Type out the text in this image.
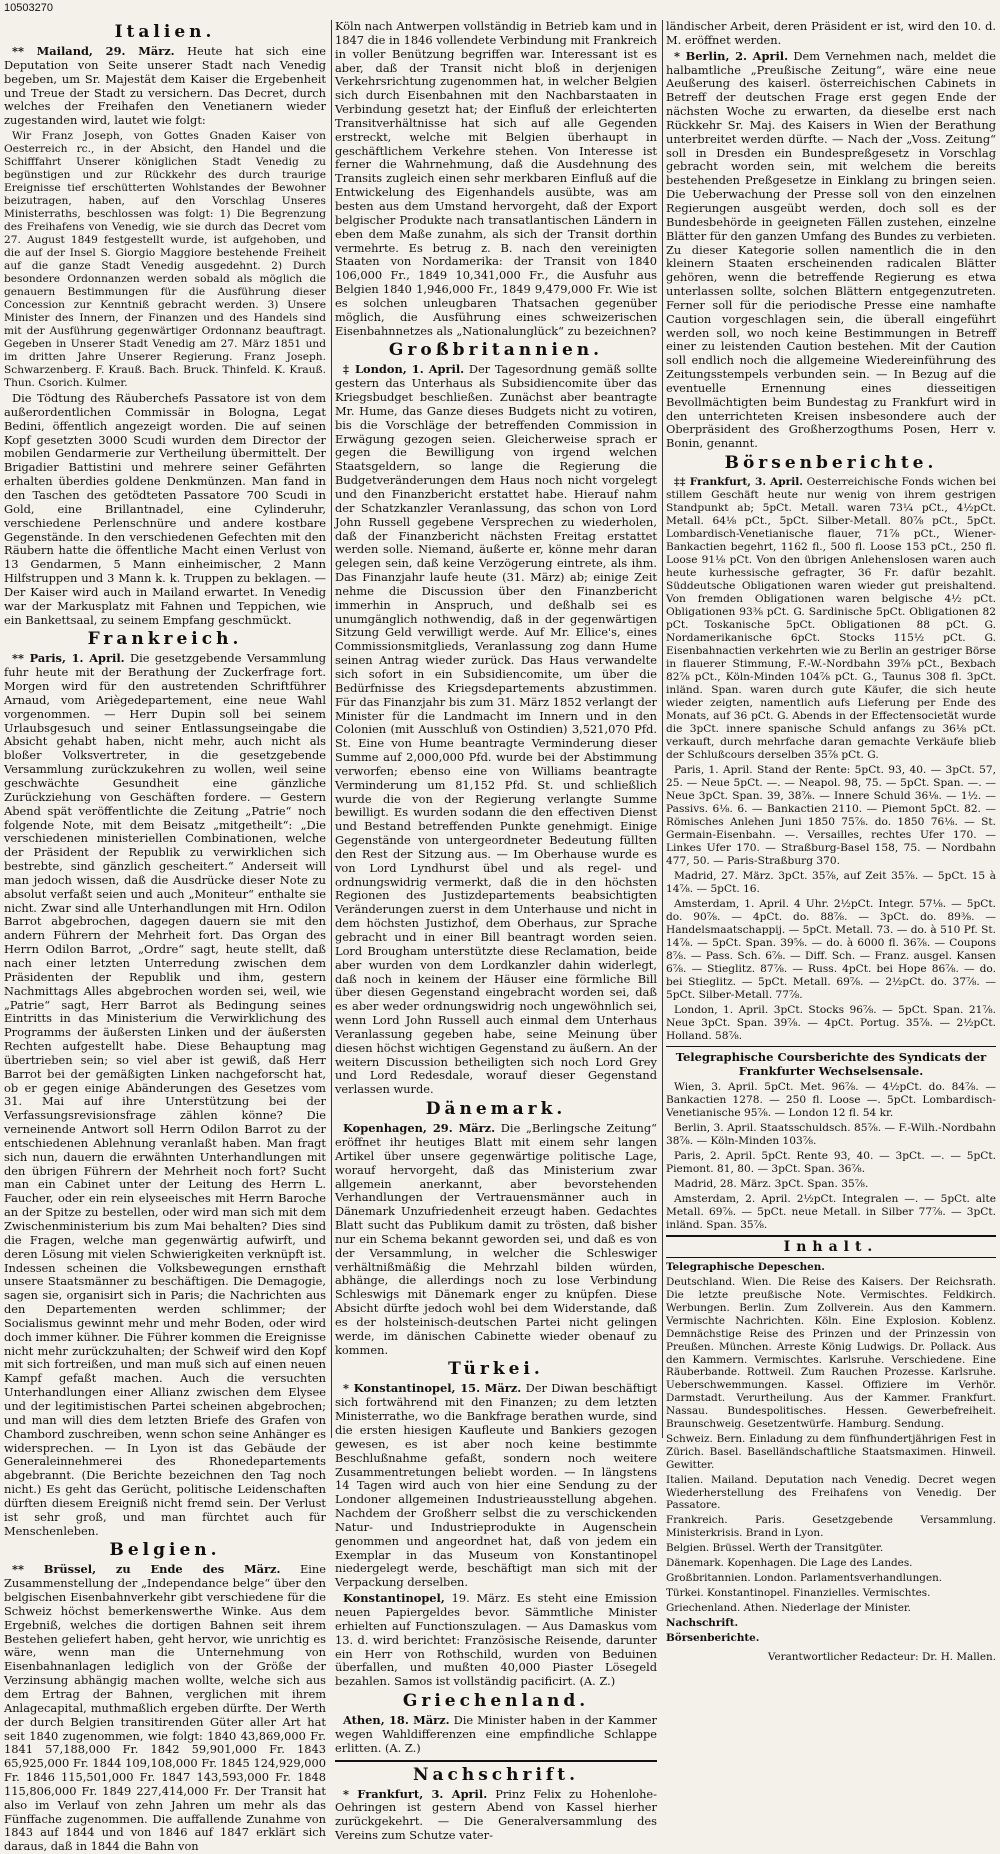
10503270
Italien.

** Mailand, 29. März. Heute hat sich eine Deputation von Seite unserer Stadt nach Venedig begeben, um Sr. Majestät dem Kaiser die Ergebenheit und Treue der Stadt zu versichern. Das Decret, durch welches der Freihafen den Venetianern wieder zugestanden wird, lautet wie folgt:

Wir Franz Joseph, von Gottes Gnaden Kaiser von Oesterreich rc., in der Absicht, den Handel und die Schifffahrt Unserer königlichen Stadt Venedig zu begünstigen und zur Rückkehr des durch traurige Ereignisse tief erschütterten Wohlstandes der Bewohner beizutragen, haben, auf den Vorschlag Unseres Ministerraths, beschlossen was folgt: 1) Die Begrenzung des Freihafens von Venedig, wie sie durch das Decret vom 27. August 1849 festgestellt wurde, ist aufgehoben, und die auf der Insel S. Giorgio Maggiore bestehende Freiheit auf die ganze Stadt Venedig ausgedehnt. 2) Durch besondere Ordonnanzen werden sobald als möglich die genauern Bestimmungen für die Ausführung dieser Concession zur Kenntniß gebracht werden. 3) Unsere Minister des Innern, der Finanzen und des Handels sind mit der Ausführung gegenwärtiger Ordonnanz beauftragt. Gegeben in Unserer Stadt Venedig am 27. März 1851 und im dritten Jahre Unserer Regierung. Franz Joseph. Schwarzenberg. F. Krauß. Bach. Bruck. Thinfeld. K. Krauß. Thun. Csorich. Kulmer.

Die Tödtung des Räuberchefs Passatore ist von dem außerordentlichen Commissär in Bologna, Legat Bedini, öffentlich angezeigt worden. Die auf seinen Kopf gesetzten 3000 Scudi wurden dem Director der mobilen Gendarmerie zur Vertheilung übermittelt. Der Brigadier Battistini und mehrere seiner Gefährten erhalten überdies goldene Denkmünzen. Man fand in den Taschen des getödteten Passatore 700 Scudi in Gold, eine Brillantnadel, eine Cylinderuhr, verschiedene Perlenschnüre und andere kostbare Gegenstände. In den verschiedenen Gefechten mit den Räubern hatte die öffentliche Macht einen Verlust von 13 Gendarmen, 5 Mann einheimischer, 2 Mann Hilfstruppen und 3 Mann k. k. Truppen zu beklagen. — Der Kaiser wird auch in Mailand erwartet. In Venedig war der Markusplatz mit Fahnen und Teppichen, wie ein Bankettsaal, zu seinem Empfang geschmückt.

Frankreich.

** Paris, 1. April. Die gesetzgebende Versammlung fuhr heute mit der Berathung der Zuckerfrage fort. Morgen wird für den austretenden Schriftführer Arnaud, vom Ariègedepartement, eine neue Wahl vorgenommen. — Herr Dupin soll bei seinem Urlaubsgesuch und seiner Entlassungseingabe die Absicht gehabt haben, nicht mehr, auch nicht als bloßer Volksvertreter, in die gesetzgebende Versammlung zurückzukehren zu wollen, weil seine geschwächte Gesundheit eine gänzliche Zurückziehung von Geschäften fordere. — Gestern Abend spät veröffentlichte die Zeitung „Patrie“ noch folgende Note, mit dem Beisatz „mitgetheilt“: „Die verschiedenen ministeriellen Combinationen, welche der Präsident der Republik zu verwirklichen sich bestrebte, sind gänzlich gescheitert.“ Anderseit will man jedoch wissen, daß die Ausdrücke dieser Note zu absolut verfaßt seien und auch „Moniteur“ enthalte sie nicht. Zwar sind alle Unterhandlungen mit Hrn. Odilon Barrot abgebrochen, dagegen dauern sie mit den andern Führern der Mehrheit fort. Das Organ des Herrn Odilon Barrot, „Ordre“ sagt, heute stellt, daß nach einer letzten Unterredung zwischen dem Präsidenten der Republik und ihm, gestern Nachmittags Alles abgebrochen worden sei, weil, wie „Patrie“ sagt, Herr Barrot als Bedingung seines Eintritts in das Ministerium die Verwirklichung des Programms der äußersten Linken und der äußersten Rechten aufgestellt habe. Diese Behauptung mag übertrieben sein; so viel aber ist gewiß, daß Herr Barrot bei der gemäßigten Linken nachgeforscht hat, ob er gegen einige Abänderungen des Gesetzes vom 31. Mai auf ihre Unterstützung bei der Verfassungsrevisionsfrage zählen könne? Die verneinende Antwort soll Herrn Odilon Barrot zu der entschiedenen Ablehnung veranlaßt haben. Man fragt sich nun, dauern die erwähnten Unterhandlungen mit den übrigen Führern der Mehrheit noch fort? Sucht man ein Cabinet unter der Leitung des Herrn L. Faucher, oder ein rein elyseeisches mit Herrn Baroche an der Spitze zu bestellen, oder wird man sich mit dem Zwischenministerium bis zum Mai behalten? Dies sind die Fragen, welche man gegenwärtig aufwirft, und deren Lösung mit vielen Schwierigkeiten verknüpft ist. Indessen scheinen die Volksbewegungen ernsthaft unsere Staatsmänner zu beschäftigen. Die Demagogie, sagen sie, organisirt sich in Paris; die Nachrichten aus den Departementen werden schlimmer; der Socialismus gewinnt mehr und mehr Boden, oder wird doch immer kühner. Die Führer kommen die Ereignisse nicht mehr zurückzuhalten; der Schweif wird den Kopf mit sich fortreißen, und man muß sich auf einen neuen Kampf gefaßt machen. Auch die versuchten Unterhandlungen einer Allianz zwischen dem Elysee und der legitimistischen Partei scheinen abgebrochen; und man will dies dem letzten Briefe des Grafen von Chambord zuschreiben, wenn schon seine Anhänger es widersprechen. — In Lyon ist das Gebäude der Generaleinnehmerei des Rhonedepartements abgebrannt. (Die Berichte bezeichnen den Tag noch nicht.) Es geht das Gerücht, politische Leidenschaften dürften diesem Ereigniß nicht fremd sein. Der Verlust ist sehr groß, und man fürchtet auch für Menschenleben.

Belgien.

** Brüssel, zu Ende des März. Eine Zusammenstellung der „Independance belge“ über den belgischen Eisenbahnverkehr gibt verschiedene für die Schweiz höchst bemerkenswerthe Winke. Aus dem Ergebniß, welches die dortigen Bahnen seit ihrem Bestehen geliefert haben, geht hervor, wie unrichtig es wäre, wenn man die Unternehmung von Eisenbahnanlagen lediglich von der Größe der Verzinsung abhängig machen wollte, welche sich aus dem Ertrag der Bahnen, verglichen mit ihrem Anlagecapital, muthmaßlich ergeben dürfte. Der Werth der durch Belgien transitirenden Güter aller Art hat seit 1840 zugenommen, wie folgt: 1840 43,869,000 Fr. 1841 57,188,000 Fr. 1842 59,901,000 Fr. 1843 65,925,000 Fr. 1844 109,108,000 Fr. 1845 124,929,000 Fr. 1846 115,501,000 Fr. 1847 143,593,000 Fr. 1848 115,806,000 Fr. 1849 227,414,000 Fr. Der Transit hat also im Verlauf von zehn Jahren um mehr als das Fünffache zugenommen. Die auffallende Zunahme von 1843 auf 1844 und von 1846 auf 1847 erklärt sich daraus, daß in 1844 die Bahn von

Köln nach Antwerpen vollständig in Betrieb kam und in 1847 die in 1846 vollendete Verbindung mit Frankreich in voller Benützung begriffen war. Interessant ist es aber, daß der Transit nicht bloß in derjenigen Verkehrsrichtung zugenommen hat, in welcher Belgien sich durch Eisenbahnen mit den Nachbarstaaten in Verbindung gesetzt hat; der Einfluß der erleichterten Transitverhältnisse hat sich auf alle Gegenden erstreckt, welche mit Belgien überhaupt in geschäftlichem Verkehre stehen. Von Interesse ist ferner die Wahrnehmung, daß die Ausdehnung des Transits zugleich einen sehr merkbaren Einfluß auf die Entwickelung des Eigenhandels ausübte, was am besten aus dem Umstand hervorgeht, daß der Export belgischer Produkte nach transatlantischen Ländern in eben dem Maße zunahm, als sich der Transit dorthin vermehrte. Es betrug z. B. nach den vereinigten Staaten von Nordamerika: der Transit von 1840 106,000 Fr., 1849 10,341,000 Fr., die Ausfuhr aus Belgien 1840 1,946,000 Fr., 1849 9,479,000 Fr. Wie ist es solchen unleugbaren Thatsachen gegenüber möglich, die Ausführung eines schweizerischen Eisenbahnnetzes als „Nationalunglück“ zu bezeichnen?

Großbritannien.

‡ London, 1. April. Der Tagesordnung gemäß sollte gestern das Unterhaus als Subsidiencomite über das Kriegsbudget beschließen. Zunächst aber beantragte Mr. Hume, das Ganze dieses Budgets nicht zu votiren, bis die Vorschläge der betreffenden Commission in Erwägung gezogen seien. Gleicherweise sprach er gegen die Bewilligung von irgend welchen Staatsgeldern, so lange die Regierung die Budgetveränderungen dem Haus noch nicht vorgelegt und den Finanzbericht erstattet habe. Hierauf nahm der Schatzkanzler Veranlassung, das schon von Lord John Russell gegebene Versprechen zu wiederholen, daß der Finanzbericht nächsten Freitag erstattet werden solle. Niemand, äußerte er, könne mehr daran gelegen sein, daß keine Verzögerung eintrete, als ihm. Das Finanzjahr laufe heute (31. März) ab; einige Zeit nehme die Discussion über den Finanzbericht immerhin in Anspruch, und deßhalb sei es unumgänglich nothwendig, daß in der gegenwärtigen Sitzung Geld verwilligt werde. Auf Mr. Ellice's, eines Commissionsmitglieds, Veranlassung zog dann Hume seinen Antrag wieder zurück. Das Haus verwandelte sich sofort in ein Subsidiencomite, um über die Bedürfnisse des Kriegsdepartements abzustimmen. Für das Finanzjahr bis zum 31. März 1852 verlangt der Minister für die Landmacht im Innern und in den Colonien (mit Ausschluß von Ostindien) 3,521,070 Pfd. St. Eine von Hume beantragte Verminderung dieser Summe auf 2,000,000 Pfd. wurde bei der Abstimmung verworfen; ebenso eine von Williams beantragte Verminderung um 81,152 Pfd. St. und schließlich wurde die von der Regierung verlangte Summe bewilligt. Es wurden sodann die den effectiven Dienst und Bestand betreffenden Punkte genehmigt. Einige Gegenstände von untergeordneter Bedeutung füllten den Rest der Sitzung aus. — Im Oberhause wurde es von Lord Lyndhurst übel und als regel- und ordnungswidrig vermerkt, daß die in den höchsten Regionen des Justizdepartements beabsichtigten Veränderungen zuerst in dem Unterhause und nicht in dem höchsten Justizhof, dem Oberhaus, zur Sprache gebracht und in einer Bill beantragt worden seien. Lord Brougham unterstützte diese Reclamation, beide aber wurden von dem Lordkanzler dahin widerlegt, daß noch in keinem der Häuser eine förmliche Bill über diesen Gegenstand eingebracht worden sei, daß es aber weder ordnungswidrig noch ungewöhnlich sei, wenn Lord John Russell auch einmal dem Unterhaus Veranlassung gegeben habe, seine Meinung über diesen höchst wichtigen Gegenstand zu äußern. An der weitern Discussion betheiligten sich noch Lord Grey und Lord Redesdale, worauf dieser Gegenstand verlassen wurde.

Dänemark.

Kopenhagen, 29. März. Die „Berlingsche Zeitung“ eröffnet ihr heutiges Blatt mit einem sehr langen Artikel über unsere gegenwärtige politische Lage, worauf hervorgeht, daß das Ministerium zwar allgemein anerkannt, aber bevorstehenden Verhandlungen der Vertrauensmänner auch in Dänemark Unzufriedenheit erzeugt haben. Gedachtes Blatt sucht das Publikum damit zu trösten, daß bisher nur ein Schema bekannt geworden sei, und daß es von der Versammlung, in welcher die Schleswiger verhältnißmäßig die Mehrzahl bilden würden, abhänge, die allerdings noch zu lose Verbindung Schleswigs mit Dänemark enger zu knüpfen. Diese Absicht dürfte jedoch wohl bei dem Widerstande, daß es der holsteinisch-deutschen Partei nicht gelingen werde, im dänischen Cabinette wieder obenauf zu kommen.

Türkei.

* Konstantinopel, 15. März. Der Diwan beschäftigt sich fortwährend mit den Finanzen; zu dem letzten Ministerrathe, wo die Bankfrage berathen wurde, sind die ersten hiesigen Kaufleute und Bankiers gezogen gewesen, es ist aber noch keine bestimmte Beschlußnahme gefaßt, sondern noch weitere Zusammentretungen beliebt worden. — In längstens 14 Tagen wird auch von hier eine Sendung zu der Londoner allgemeinen Industrieausstellung abgehen. Nachdem der Großherr selbst die zu verschickenden Natur- und Industrieprodukte in Augenschein genommen und angeordnet hat, daß von jedem ein Exemplar in das Museum von Konstantinopel niedergelegt werde, beschäftigt man sich mit der Verpackung derselben.

Konstantinopel, 19. März. Es steht eine Emission neuen Papiergeldes bevor. Sämmtliche Minister erhielten auf Functionszulagen. — Aus Damaskus vom 13. d. wird berichtet: Französische Reisende, darunter ein Herr von Rothschild, wurden von Beduinen überfallen, und mußten 40,000 Piaster Lösegeld bezahlen. Samos ist vollständig pacificirt. (A. Z.)

Griechenland.

Athen, 18. März. Die Minister haben in der Kammer wegen Wahldifferenzen eine empfindliche Schlappe erlitten. (A. Z.)

Nachschrift.

* Frankfurt, 3. April. Prinz Felix zu Hohenlohe-Oehringen ist gestern Abend von Kassel hierher zurückgekehrt. — Die Generalversammlung des Vereins zum Schutze vater-

ländischer Arbeit, deren Präsident er ist, wird den 10. d. M. eröffnet werden.

* Berlin, 2. April. Dem Vernehmen nach, meldet die halbamtliche „Preußische Zeitung“, wäre eine neue Aeußerung des kaiserl. österreichischen Cabinets in Betreff der deutschen Frage erst gegen Ende der nächsten Woche zu erwarten, da dieselbe erst nach Rückkehr Sr. Maj. des Kaisers in Wien der Berathung unterbreitet werden dürfte. — Nach der „Voss. Zeitung“ soll in Dresden ein Bundespreßgesetz in Vorschlag gebracht worden sein, mit welchem die bereits bestehenden Preßgesetze in Einklang zu bringen seien. Die Ueberwachung der Presse soll von den einzelnen Regierungen ausgeübt werden, doch soll es der Bundesbehörde in geeigneten Fällen zustehen, einzelne Blätter für den ganzen Umfang des Bundes zu verbieten. Zu dieser Kategorie sollen namentlich die in den kleinern Staaten erscheinenden radicalen Blätter gehören, wenn die betreffende Regierung es etwa unterlassen sollte, solchen Blättern entgegenzutreten. Ferner soll für die periodische Presse eine namhafte Caution vorgeschlagen sein, die überall eingeführt werden soll, wo noch keine Bestimmungen in Betreff einer zu leistenden Caution bestehen. Mit der Caution soll endlich noch die allgemeine Wiedereinführung des Zeitungsstempels verbunden sein. — In Bezug auf die eventuelle Ernennung eines diesseitigen Bevollmächtigten beim Bundestag zu Frankfurt wird in den unterrichteten Kreisen insbesondere auch der Oberpräsident des Großherzogthums Posen, Herr v. Bonin, genannt.

Börsenberichte.

‡‡ Frankfurt, 3. April. Oesterreichische Fonds wichen bei stillem Geschäft heute nur wenig von ihrem gestrigen Standpunkt ab; 5pCt. Metall. waren 73¼ pCt., 4½pCt. Metall. 64⅛ pCt., 5pCt. Silber-Metall. 80⅞ pCt., 5pCt. Lombardisch-Venetianische flauer, 71⅞ pCt., Wiener-Bankactien begehrt, 1162 fl., 500 fl. Loose 153 pCt., 250 fl. Loose 91⅛ pCt. Von den übrigen Anlehenslosen waren auch heute kurhessische gefragter, 36 Fr. dafür bezahlt. Süddeutsche Obligationen waren wieder gut preishaltend. Von fremden Obligationen waren belgische 4½ pCt. Obligationen 93⅜ pCt. G. Sardinische 5pCt. Obligationen 82 pCt. Toskanische 5pCt. Obligationen 88 pCt. G. Nordamerikanische 6pCt. Stocks 115½ pCt. G. Eisenbahnactien verkehrten wie zu Berlin an gestriger Börse in flauerer Stimmung, F.-W.-Nordbahn 39⅞ pCt., Bexbach 82⅞ pCt., Köln-Minden 104⅞ pCt. G., Taunus 308 fl. 3pCt. inländ. Span. waren durch gute Käufer, die sich heute wieder zeigten, namentlich aufs Lieferung per Ende des Monats, auf 36 pCt. G. Abends in der Effectensocietät wurde die 3pCt. innere spanische Schuld anfangs zu 36⅛ pCt. verkauft, durch mehrfache daran gemachte Verkäufe blieb der Schlußcours derselben 35⅞ pCt. G.

Paris, 1. April. Stand der Rente: 5pCt. 93, 40. — 3pCt. 57, 25. — Neue 5pCt. —. — Neapol. 98, 75. — 5pCt. Span. —. — Neue 3pCt. Span. 39, 38⅞. — Innere Schuld 36⅛. — 1½. — Passivs. 6⅛. 6. — Bankactien 2110. — Piemont 5pCt. 82. — Römisches Anlehen Juni 1850 75⅞. do. 1850 76⅛. — St. Germain-Eisenbahn. —. Versailles, rechtes Ufer 170. — Linkes Ufer 170. — Straßburg-Basel 158, 75. — Nordbahn 477, 50. — Paris-Straßburg 370.

Madrid, 27. März. 3pCt. 35⅞, auf Zeit 35⅞. — 5pCt. 15 à 14⅞. — 5pCt. 16.

Amsterdam, 1. April. 4 Uhr. 2½pCt. Integr. 57⅛. — 5pCt. do. 90⅞. — 4pCt. do. 88⅞. — 3pCt. do. 89⅜. — Handelsmaatschappij. — 5pCt. Metall. 73. — do. à 510 Pf. St. 14⅞. — 5pCt. Span. 39⅝. — do. à 6000 fl. 36⅞. — Coupons 8⅞. — Pass. Sch. 6⅞. — Diff. Sch. — Franz. ausgel. Kansen 6⅞. — Stieglitz. 87⅞. — Russ. 4pCt. bei Hope 86⅞. — do. bei Stieglitz. — 5pCt. Metall. 69⅞. — 2½pCt. do. 37⅞. — 5pCt. Silber-Metall. 77⅞.

London, 1. April. 3pCt. Stocks 96⅞. — 5pCt. Span. 21⅞. Neue 3pCt. Span. 39⅞. — 4pCt. Portug. 35⅞. — 2½pCt. Holland. 58⅞.

Telegraphische Coursberichte des Syndicats der Frankfurter Wechselsensale.

Wien, 3. April. 5pCt. Met. 96⅞. — 4½pCt. do. 84⅞. — Bankactien 1278. — 250 fl. Loose —. 5pCt. Lombardisch-Venetianische 95⅞. — London 12 fl. 54 kr.

Berlin, 3. April. Staatsschuldsch. 85⅞. — F.-Wilh.-Nordbahn 38⅞. — Köln-Minden 103⅞.

Paris, 2. April. 5pCt. Rente 93, 40. — 3pCt. —. — 5pCt. Piemont. 81, 80. — 3pCt. Span. 36⅞.

Madrid, 28. März. 3pCt. Span. 35⅞.

Amsterdam, 2. April. 2½pCt. Integralen —. — 5pCt. alte Metall. 69⅞. — 5pCt. neue Metall. in Silber 77⅞. — 3pCt. inländ. Span. 35⅞.

Inhalt.

Telegraphische Depeschen.

Deutschland. Wien. Die Reise des Kaisers. Der Reichsrath. Die letzte preußische Note. Vermischtes. Feldkirch. Werbungen. Berlin. Zum Zollverein. Aus den Kammern. Vermischte Nachrichten. Köln. Eine Explosion. Koblenz. Demnächstige Reise des Prinzen und der Prinzessin von Preußen. München. Arreste König Ludwigs. Dr. Pollack. Aus den Kammern. Vermischtes. Karlsruhe. Verschiedene. Eine Räuberbande. Rottweil. Zum Rauchen Prozesse. Karlsruhe. Ueberschwemmungen. Kassel. Offiziere im Verhör. Darmstadt. Verurtheilung. Aus der Kammer. Frankfurt. Nassau. Bundespolitisches. Hessen. Gewerbefreiheit. Braunschweig. Gesetzentwürfe. Hamburg. Sendung.

Schweiz. Bern. Einladung zu dem fünfhundertjährigen Fest in Zürich. Basel. Baselländschaftliche Staatsmaximen. Hinweil. Gewitter.

Italien. Mailand. Deputation nach Venedig. Decret wegen Wiederherstellung des Freihafens von Venedig. Der Passatore.

Frankreich. Paris. Gesetzgebende Versammlung. Ministerkrisis. Brand in Lyon.

Belgien. Brüssel. Werth der Transitgüter.

Dänemark. Kopenhagen. Die Lage des Landes.

Großbritannien. London. Parlamentsverhandlungen.

Türkei. Konstantinopel. Finanzielles. Vermischtes.

Griechenland. Athen. Niederlage der Minister.

Nachschrift.

Börsenberichte.

Verantwortlicher Redacteur: Dr. H. Mallen.
